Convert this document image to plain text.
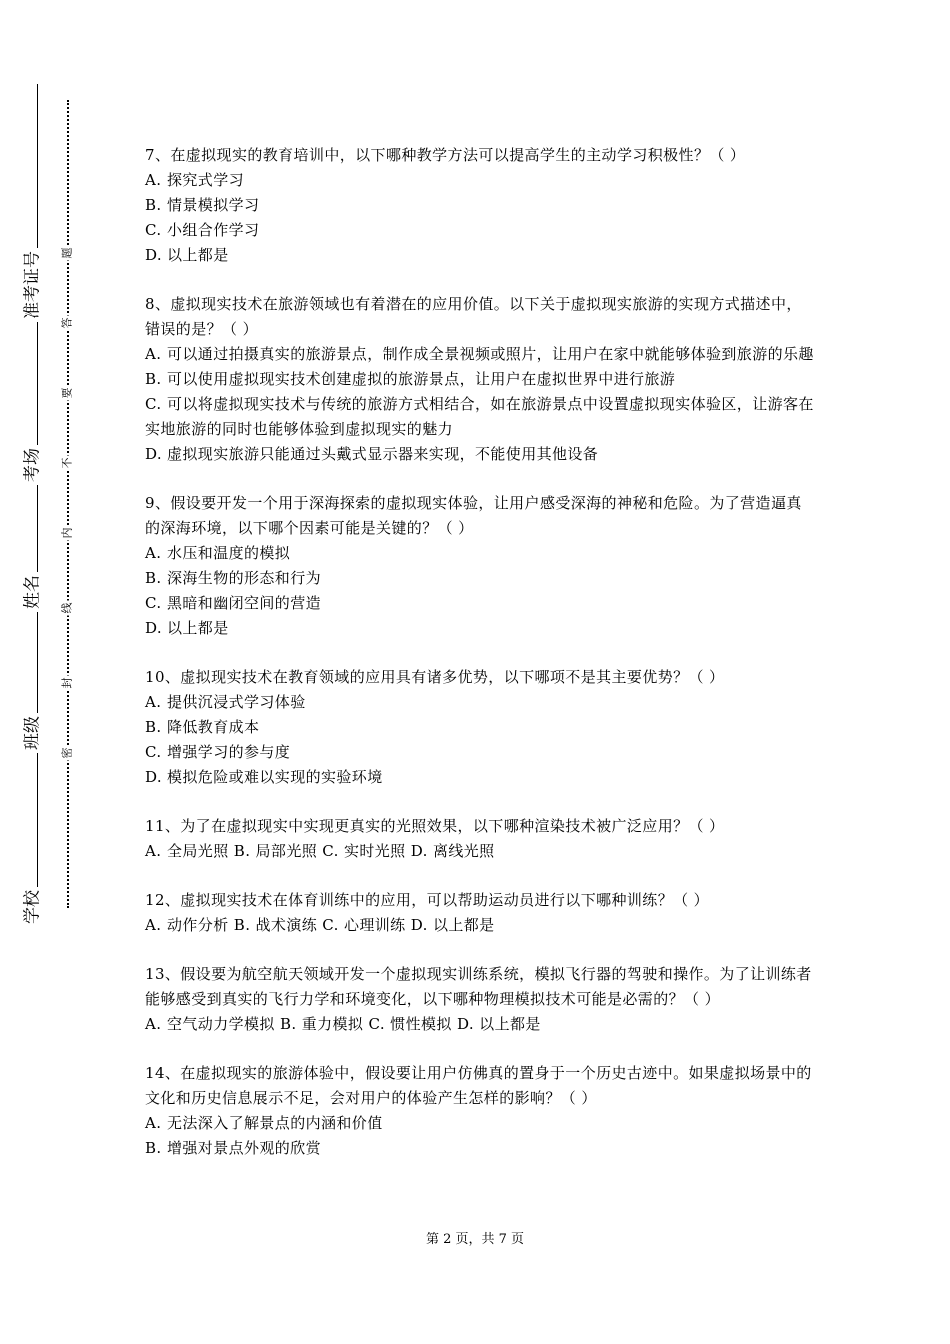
准考证号
考场
姓名
班级
学校
题
答
要
不
内
线
封
密

7、在虚拟现实的教育培训中，以下哪种教学方法可以提高学生的主动学习积极性？（ ）

A. 探究式学习

B. 情景模拟学习

C. 小组合作学习

D. 以上都是

8、虚拟现实技术在旅游领域也有着潜在的应用价值。以下关于虚拟现实旅游的实现方式描述中，错误的是？（ ）

A. 可以通过拍摄真实的旅游景点，制作成全景视频或照片，让用户在家中就能够体验到旅游的乐趣

B. 可以使用虚拟现实技术创建虚拟的旅游景点，让用户在虚拟世界中进行旅游

C. 可以将虚拟现实技术与传统的旅游方式相结合，如在旅游景点中设置虚拟现实体验区，让游客在实地旅游的同时也能够体验到虚拟现实的魅力

D. 虚拟现实旅游只能通过头戴式显示器来实现，不能使用其他设备

9、假设要开发一个用于深海探索的虚拟现实体验，让用户感受深海的神秘和危险。为了营造逼真的深海环境，以下哪个因素可能是关键的？（ ）

A. 水压和温度的模拟

B. 深海生物的形态和行为

C. 黑暗和幽闭空间的营造

D. 以上都是

10、虚拟现实技术在教育领域的应用具有诸多优势，以下哪项不是其主要优势？（ ）

A. 提供沉浸式学习体验

B. 降低教育成本

C. 增强学习的参与度

D. 模拟危险或难以实现的实验环境

11、为了在虚拟现实中实现更真实的光照效果，以下哪种渲染技术被广泛应用？（ ）

A. 全局光照 B. 局部光照 C. 实时光照 D. 离线光照

12、虚拟现实技术在体育训练中的应用，可以帮助运动员进行以下哪种训练？（ ）

A. 动作分析 B. 战术演练 C. 心理训练 D. 以上都是

13、假设要为航空航天领域开发一个虚拟现实训练系统，模拟飞行器的驾驶和操作。为了让训练者能够感受到真实的飞行力学和环境变化，以下哪种物理模拟技术可能是必需的？（ ）

A. 空气动力学模拟 B. 重力模拟 C. 惯性模拟 D. 以上都是

14、在虚拟现实的旅游体验中，假设要让用户仿佛真的置身于一个历史古迹中。如果虚拟场景中的文化和历史信息展示不足，会对用户的体验产生怎样的影响？（ ）

A. 无法深入了解景点的内涵和价值

B. 增强对景点外观的欣赏

第 2 页，共 7 页
